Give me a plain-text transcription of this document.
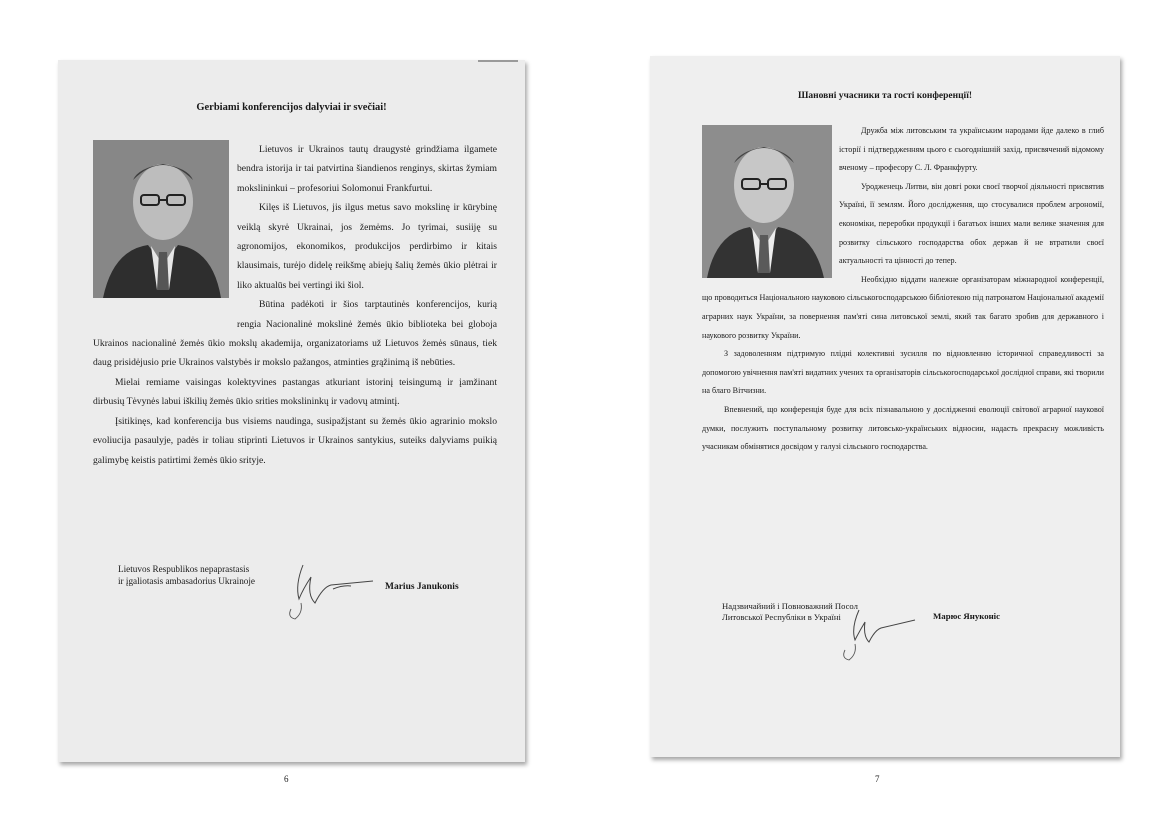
Gerbiami konferencijos dalyviai ir svečiai!

Lietuvos ir Ukrainos tautų draugystė grindžiama ilgamete bendra istorija ir tai patvirtina šiandienos renginys, skirtas žymiam mokslininkui – profesoriui Solomonui Frankfurtui.

Kilęs iš Lietuvos, jis ilgus metus savo mokslinę ir kūrybinę veiklą skyrė Ukrainai, jos žemėms. Jo tyrimai, susiiję su agronomijos, ekonomikos, produkcijos perdirbimo ir kitais klausimais, turėjo didelę reikšmę abiejų šalių žemės ūkio plėtrai ir liko aktualūs bei vertingi iki šiol.

Būtina padėkoti ir šios tarptautinės konferencijos, kurią rengia Nacionalinė mokslinė žemės ūkio biblioteka bei globoja Ukrainos nacionalinė žemės ūkio mokslų akademija, organizatoriams už Lietuvos žemės sūnaus, tiek daug prisidėjusio prie Ukrainos valstybės ir mokslo pažangos, atminties grąžinimą iš nebūties.

Mielai remiame vaisingas kolektyvines pastangas atkuriant istorinį teisingumą ir įamžinant dirbusių Tėvynės labui iškilių žemės ūkio srities mokslininkų ir vadovų atmintį.

Įsitikinęs, kad konferencija bus visiems naudinga, susipažįstant su žemės ūkio agrarinio mokslo evoliucija pasaulyje, padės ir toliau stiprinti Lietuvos ir Ukrainos santykius, suteiks dalyviams puikią galimybę keistis patirtimi žemės ūkio srityje.

Lietuvos Respublikos nepaprastasis
ir įgaliotasis ambasadorius Ukrainoje
Marius Janukonis
6
Шановні учасники та гості конференції!

Дружба між литовським та українським народами йде далеко в глиб історії і підтвердженням цього є сьогоднішній захід, присвячений відомому вченому – професору С. Л. Франкфурту.

Уродженець Литви, він довгі роки своєї творчої діяльності присвятив Україні, її землям. Його дослідження, що стосувалися проблем агрономії, економіки, переробки продукції і багатьох інших мали велике значення для розвитку сільського господарства обох держав й не втратили своєї актуальності та цінності до тепер.

Необхідно віддати належне організаторам міжнародної конференції, що проводиться Національною науковою сільськогосподарською бібліотекою під патронатом Національної академії аграрних наук України, за повернення пам'яті сина литовської землі, який так багато зробив для державного і наукового розвитку України.

З задоволенням підтримую плідні колективні зусилля по відновленню історичної справедливості за допомогою увічнення пам'яті видатних учених та організаторів сільськогосподарської дослідної справи, які творили на благо Вітчизни.

Впевнений, що конференція буде для всіх пізнавальною у дослідженні еволюції світової аграрної наукової думки, послужить поступальному розвитку литовсько-українських відносин, надасть прекрасну можливість учасникам обмінятися досвідом у галузі сільського господарства.

Надзвичайний і Повноважний Посол
Литовської Республіки в Україні	Марюс Януконіс
7
